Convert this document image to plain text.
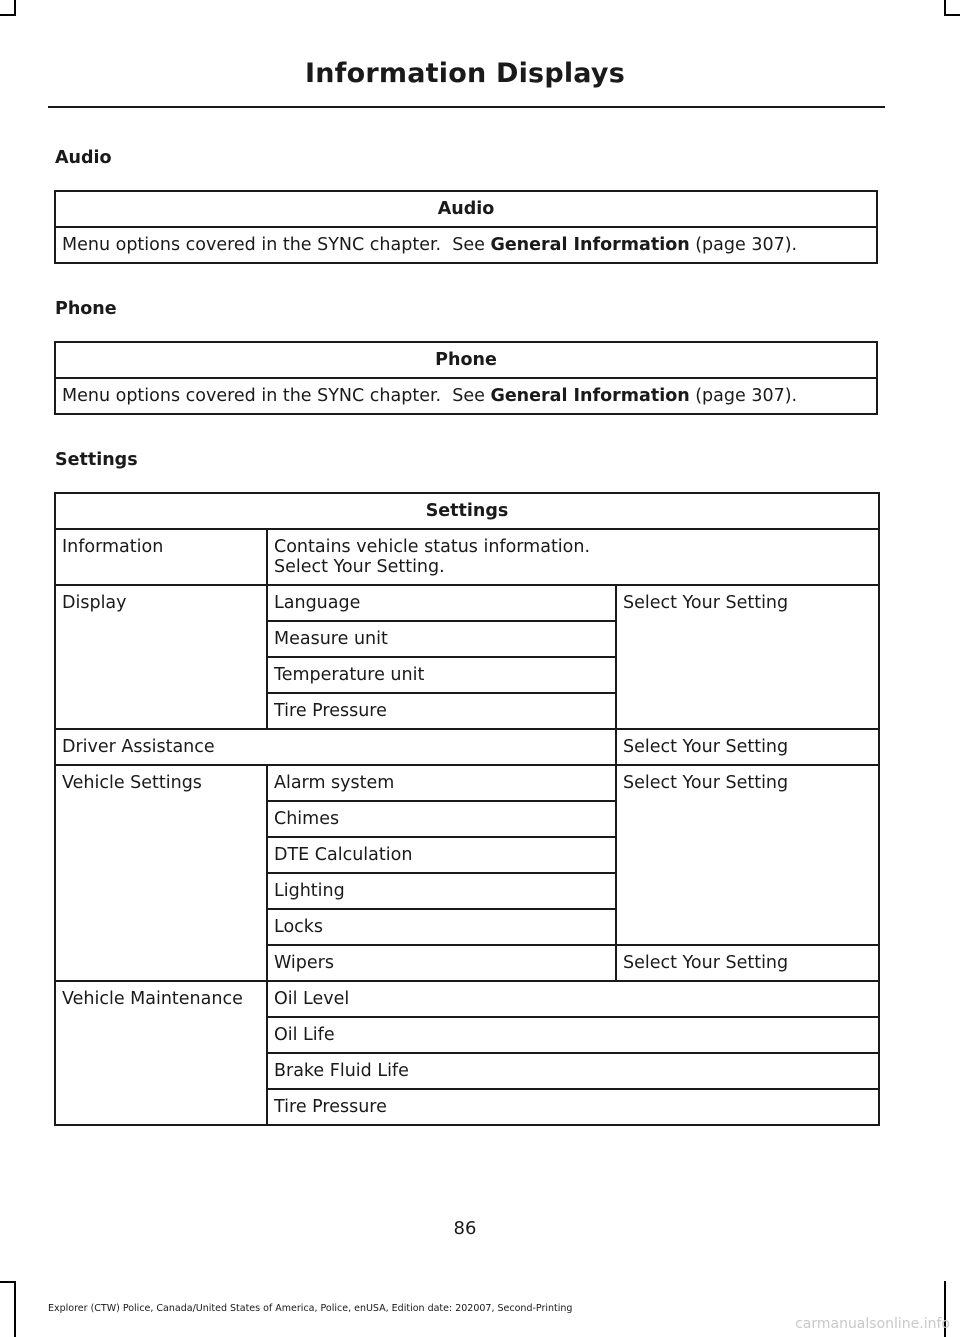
Information Displays
Audio
Audio
Menu options covered in the SYNC chapter.  See General Information (page 307).
Phone
Phone
Menu options covered in the SYNC chapter.  See General Information (page 307).
Settings
Settings		
Information	Contains vehicle status information.
Select Your Setting.	

Display	Language	Select Your Setting
	Measure unit	
	Temperature unit	
	Tire Pressure	
Driver Assistance		Select Your Setting
Vehicle Settings	Alarm system	Select Your Setting
	Chimes	
	DTE Calculation	
	Lighting	
	Locks	
	Wipers	Select Your Setting
Vehicle Maintenance	Oil Level	
	Oil Life	
	Brake Fluid Life	
	Tire Pressure	
86
Explorer (CTW) Police, Canada/United States of America, Police, enUSA, Edition date: 202007, Second-Printing
carmanualsonline.info
